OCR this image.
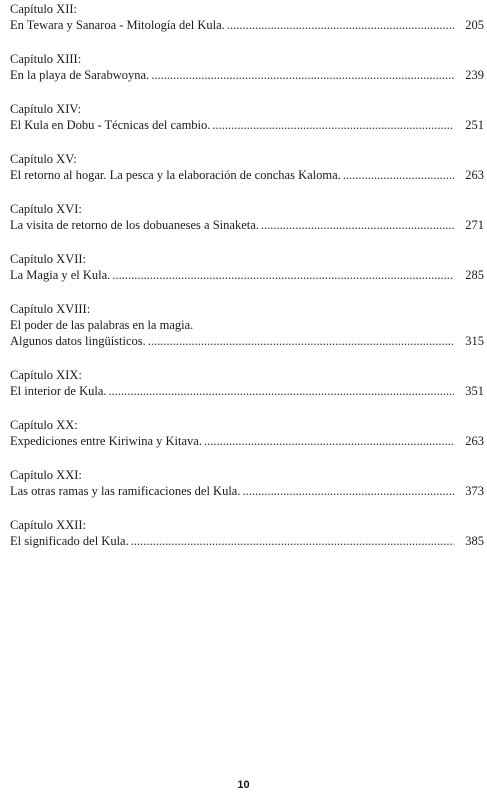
Capítulo XII:
En Tewara y Sanaroa - Mitología del Kula. .....	205
Capítulo XIII:
En la playa de Sarabwoyna. .....	239
Capítulo XIV:
El Kula en Dobu - Técnicas del cambio. .....	251
Capítulo XV:
El retorno al hogar. La pesca y la elaboración de conchas Kaloma. .....	263
Capítulo XVI:
La visita de retorno de los dobuaneses a Sinaketa. .....	271
Capítulo XVII:
La Magia y el Kula. .....	285
Capítulo XVIII:
El poder de las palabras en la magia.
Algunos datos lingüísticos. .....	315
Capítulo XIX:
El interior de Kula. .....	351
Capítulo XX:
Expediciones entre Kiriwina y Kitava. .....	263
Capítulo XXI:
Las otras ramas y las ramificaciones del Kula. .....	373
Capítulo XXII:
El significado del Kula. .....	385
10
